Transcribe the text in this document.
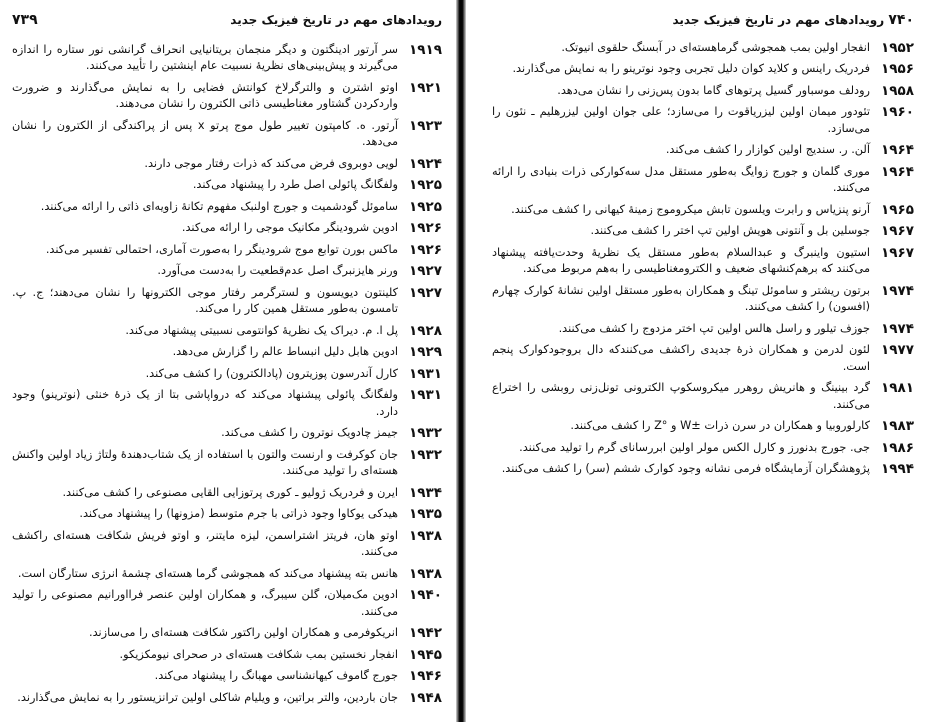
رویدادهای مهم در تاریخ فیزیک جدید
۷۳۹
۱۹۱۹
سر آرتور ادینگتون و دیگر منجمان بریتانیایی انحراف گرانشی نور ستاره را اندازه می‌گیرند و پیش‌بینی‌های نظریهٔ نسبیت عام اینشتین را تأیید می‌کنند.
۱۹۲۱
اوتو اشترن و والترگرلاخ کوانتش فضایی را به نمایش می‌گذارند و ضرورت واردکردن گشتاور مغناطیسی ذاتی الکترون را نشان می‌دهند.
۱۹۲۳
آرتور. ه. کامپتون تغییر طول موج پرتو x پس از پراکندگی از الکترون را نشان می‌دهد.
۱۹۲۴
لویی دوبروی فرض می‌کند که ذرات رفتار موجی دارند.
۱۹۲۵
ولفگانگ پائولی اصل طرد را پیشنهاد می‌کند.
۱۹۲۵
ساموئل گودشمیت و جورج اولنبک مفهوم تکانهٔ زاویه‌ای ذاتی را ارائه می‌کنند.
۱۹۲۶
ادوین شرودینگر مکانیک موجی را ارائه می‌کند.
۱۹۲۶
ماکس بورن توابع موج شرودینگر را به‌صورت آماری، احتمالی تفسیر می‌کند.
۱۹۲۷
ورنر هایزنبرگ اصل عدم‌قطعیت را به‌دست می‌آورد.
۱۹۲۷
کلینتون دیویسون و لسترگرمر رفتار موجی الکترونها را نشان می‌دهند؛ ج. پ. تامسون به‌طور مستقل همین کار را می‌کند.
۱۹۲۸
پل ا. م. دیراک یک نظریهٔ کوانتومی نسبیتی پیشنهاد می‌کند.
۱۹۲۹
ادوین هابل دلیل انبساط عالم را گزارش می‌دهد.
۱۹۳۱
کارل آندرسون پوزیترون (پادالکترون) را کشف می‌کند.
۱۹۳۱
ولفگانگ پائولی پیشنهاد می‌کند که درواپاشی بتا از یک ذرهٔ خنثی (نوترینو) وجود دارد.
۱۹۳۲
جیمز چادویک نوترون را کشف می‌کند.
۱۹۳۲
جان کوکرفت و ارنست والتون با استفاده از یک شتاب‌دهندهٔ ولتاژ زیاد اولین واکنش هسته‌ای را تولید می‌کنند.
۱۹۳۴
ایرن و فردریک ژولیو ـ کوری پرتوزایی القایی مصنوعی را کشف می‌کنند.
۱۹۳۵
هیدکی یوکاوا وجود ذراتی با جرم متوسط (مزونها) را پیشنهاد می‌کند.
۱۹۳۸
اوتو هان، فریتز اشتراسمن، لیزه مایتنر، و اوتو فریش شکافت هسته‌ای راکشف می‌کنند.
۱۹۳۸
هانس بته پیشنهاد می‌کند که همجوشی گرما هسته‌ای چشمهٔ انرژی ستارگان است.
۱۹۴۰
ادوین مک‌میلان، گلن سیبرگ، و همکاران اولین عنصر فرااورانیم مصنوعی را تولید می‌کنند.
۱۹۴۲
انریکوفرمی و همکاران اولین راکتور شکافت هسته‌ای را می‌سازند.
۱۹۴۵
انفجار نخستین بمب شکافت هسته‌ای در صحرای نیومکزیکو.
۱۹۴۶
جورج گاموف کیهانشناسی مهبانگ را پیشنهاد می‌کند.
۱۹۴۸
جان باردین، والتر براتین، و ویلیام شاکلی اولین ترانزیستور را به نمایش می‌گذارند.
۷۴۰ رویدادهای مهم در تاریخ فیزیک جدید
۱۹۵۲
انفجار اولین بمب همجوشی گرماهسته‌ای در آبسنگ حلقوی انیوتک.
۱۹۵۶
فردریک راینس و کلاید کوان دلیل تجربی وجود نوترینو را به نمایش می‌گذارند.
۱۹۵۸
رودلف موسباور گسیل پرتوهای گاما بدون پس‌زنی را نشان می‌دهد.
۱۹۶۰
تئودور میمان اولین لیزریاقوت را می‌سازد؛ علی جوان اولین لیزرهلیم ـ نئون را می‌سازد.
۱۹۶۴
آلن. ر. سندیج اولین کوازار را کشف می‌کند.
۱۹۶۴
موری گلمان و جورج زوایگ به‌طور مستقل مدل سه‌کوارکی ذرات بنیادی را ارائه می‌کنند.
۱۹۶۵
آرنو پنزیاس و رابرت ویلسون تابش میکروموج زمینهٔ کیهانی را کشف می‌کنند.
۱۹۶۷
جوسلین بل و آنتونی هویش اولین تپ اختر را کشف می‌کنند.
۱۹۶۷
استیون واینبرگ و عبدالسلام به‌طور مستقل یک نظریهٔ وحدت‌یافته پیشنهاد می‌کنند که برهم‌کنشهای ضعیف و الکترومغناطیسی را به‌هم مربوط می‌کند.
۱۹۷۴
برتون ریشتر و ساموئل تینگ و همکاران به‌طور مستقل اولین نشانهٔ کوارک چهارم (افسون) را کشف می‌کنند.
۱۹۷۴
جوزف تیلور و راسل هالس اولین تپ اختر مزدوج را کشف می‌کنند.
۱۹۷۷
لئون لدرمن و همکاران ذرهٔ جدیدی راکشف می‌کنندکه دال بروجودکوارک پنجم است.
۱۹۸۱
گرد بینینگ و هانریش روهرر میکروسکوپ الکترونی تونل‌زنی روبشی را اختراع می‌کنند.
۱۹۸۳
کارلوروبیا و همکاران در سرن ذرات ‎W±‎ و ‎Z°‎ را کشف می‌کنند.
۱۹۸۶
جی. جورج بدنورز و کارل الکس مولر اولین ابررسانای گرم را تولید می‌کنند.
۱۹۹۴
پژوهشگران آزمایشگاه فرمی نشانه وجود کوارک ششم (سر) را کشف می‌کنند.
